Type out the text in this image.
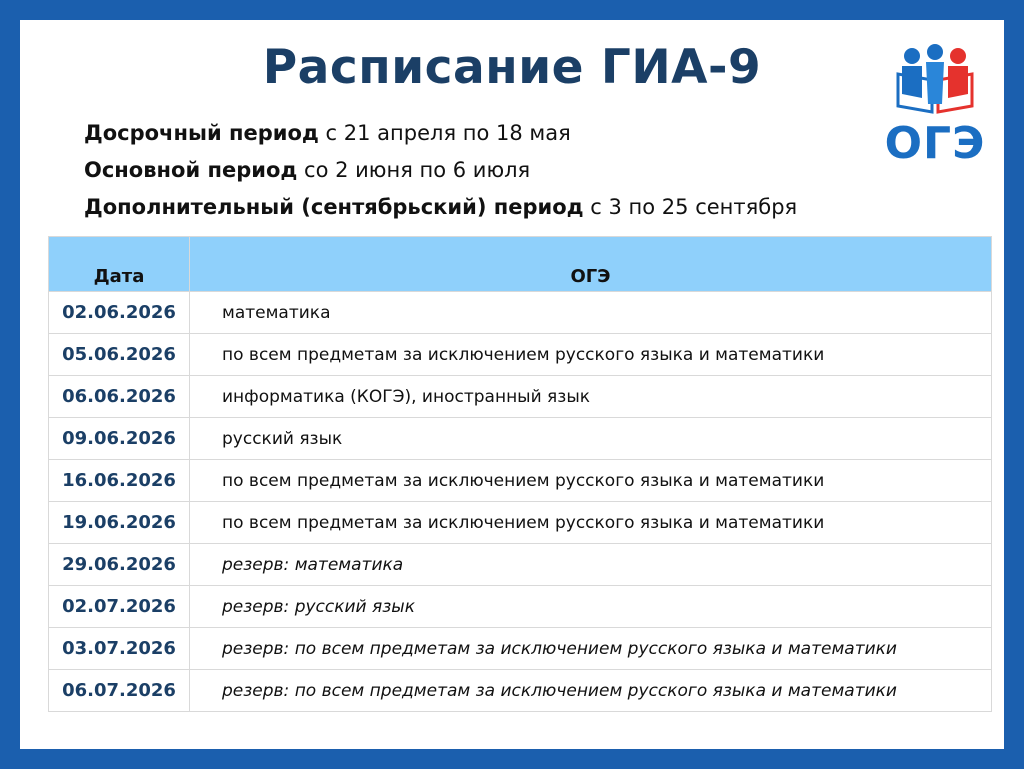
Расписание ГИА-9
Досрочный период с 21 апреля по 18 мая
Основной период со 2 июня по 6 июля
Дополнительный (сентябрьский) период с 3 по 25 сентября
ОГЭ
Дата	ОГЭ
02.06.2026	математика
05.06.2026	по всем предметам за исключением русского языка и математики
06.06.2026	информатика (КОГЭ), иностранный язык
09.06.2026	русский язык
16.06.2026	по всем предметам за исключением русского языка и математики
19.06.2026	по всем предметам за исключением русского языка и математики
29.06.2026	резерв: математика
02.07.2026	резерв: русский язык
03.07.2026	резерв: по всем предметам за исключением русского языка и математики
06.07.2026	резерв: по всем предметам за исключением русского языка и математики
